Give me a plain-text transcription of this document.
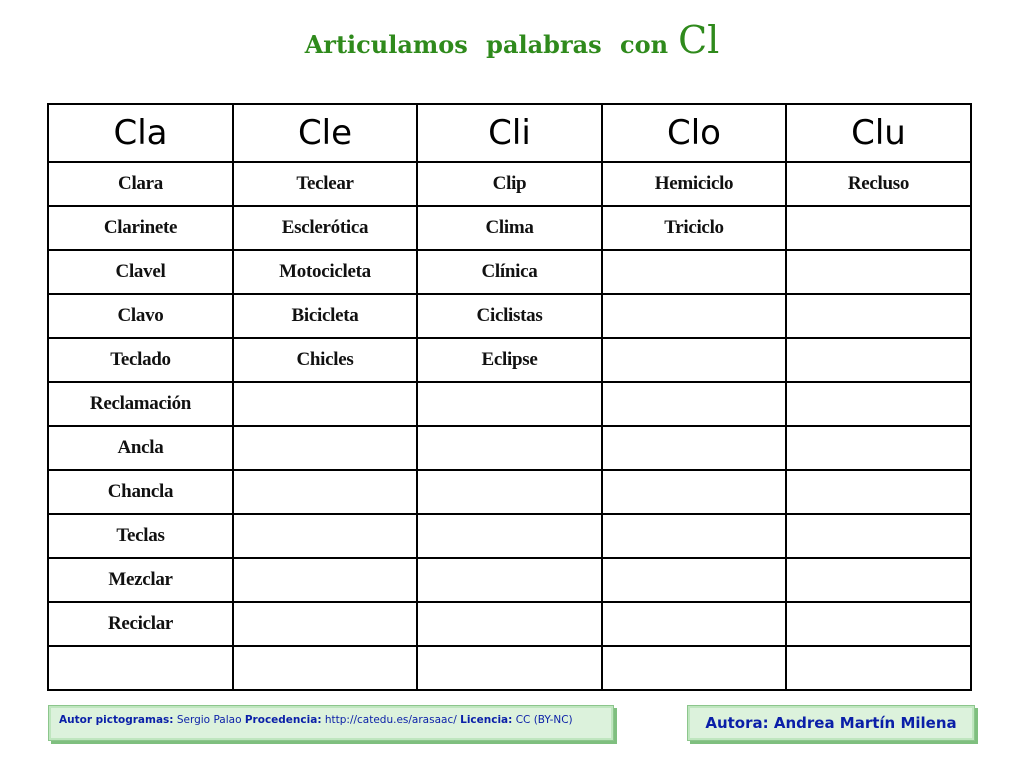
Articulamos palabras con Cl
Cla	Cle	Cli	Clo	Clu
Clara	Teclear	Clip	Hemiciclo	Recluso
Clarinete	Esclerótica	Clima	Triciclo	
Clavel	Motocicleta	Clínica		
Clavo	Bicicleta	Ciclistas		
Teclado	Chicles	Eclipse		
Reclamación				
Ancla				
Chancla				
Teclas				
Mezclar				
Reciclar				

Autor pictogramas: Sergio Palao Procedencia: http://catedu.es/arasaac/ Licencia: CC (BY-NC)	Autora: Andrea Martín Milena
